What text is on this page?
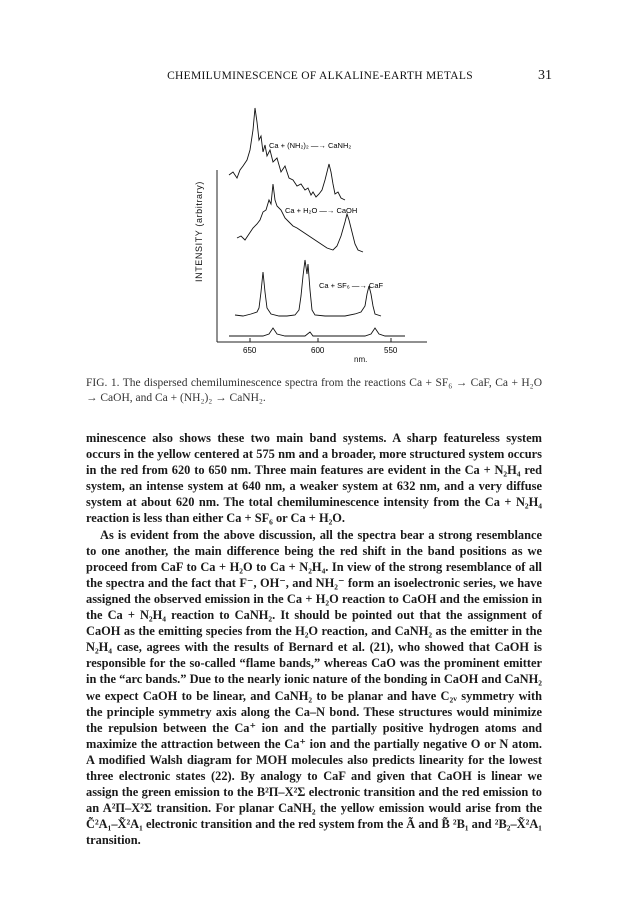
CHEMILUMINESCENCE OF ALKALINE-EARTH METALS	31
INTENSITY (arbitrary)
650	600	550
Ca + (NH₂)₂ —→ CaNH₂
Ca + H₂O —→ CaOH
Ca + SF₆ —→ CaF
nm.
FIG. 1. The dispersed chemiluminescence spectra from the reactions Ca + SF₆ → CaF, Ca + H₂O → CaOH, and Ca + (NH₂)₂ → CaNH₂.

minescence also shows these two main band systems. A sharp featureless system occurs in the yellow centered at 575 nm and a broader, more structured system occurs in the red from 620 to 650 nm. Three main features are evident in the Ca + N₂H₄ red system, an intense system at 640 nm, a weaker system at 632 nm, and a very diffuse system at about 620 nm. The total chemiluminescence intensity from the Ca + N₂H₄ reaction is less than either Ca + SF₆ or Ca + H₂O.

As is evident from the above discussion, all the spectra bear a strong resemblance to one another, the main difference being the red shift in the band positions as we proceed from CaF to Ca + H₂O to Ca + N₂H₄. In view of the strong resemblance of all the spectra and the fact that F⁻, OH⁻, and NH₂⁻ form an isoelectronic series, we have assigned the observed emission in the Ca + H₂O reaction to CaOH and the emission in the Ca + N₂H₄ reaction to CaNH₂. It should be pointed out that the assignment of CaOH as the emitting species from the H₂O reaction, and CaNH₂ as the emitter in the N₂H₄ case, agrees with the results of Bernard et al. (21), who showed that CaOH is responsible for the so-called “flame bands,” whereas CaO was the prominent emitter in the “arc bands.” Due to the nearly ionic nature of the bonding in CaOH and CaNH₂ we expect CaOH to be linear, and CaNH₂ to be planar and have C₂ᵥ symmetry with the principle symmetry axis along the Ca–N bond. These structures would minimize the repulsion between the Ca⁺ ion and the partially positive hydrogen atoms and maximize the attraction between the Ca⁺ ion and the partially negative O or N atom. A modified Walsh diagram for MOH molecules also predicts linearity for the lowest three electronic states (22). By analogy to CaF and given that CaOH is linear we assign the green emission to the B²Π–X²Σ electronic transition and the red emission to an A²Π–X²Σ transition. For planar CaNH₂ the yellow emission would arise from the C̃²A₁–X̃²A₁ electronic transition and the red system from the Ã and B̃ ²B₁ and ²B₂–X̃²A₁ transition.
